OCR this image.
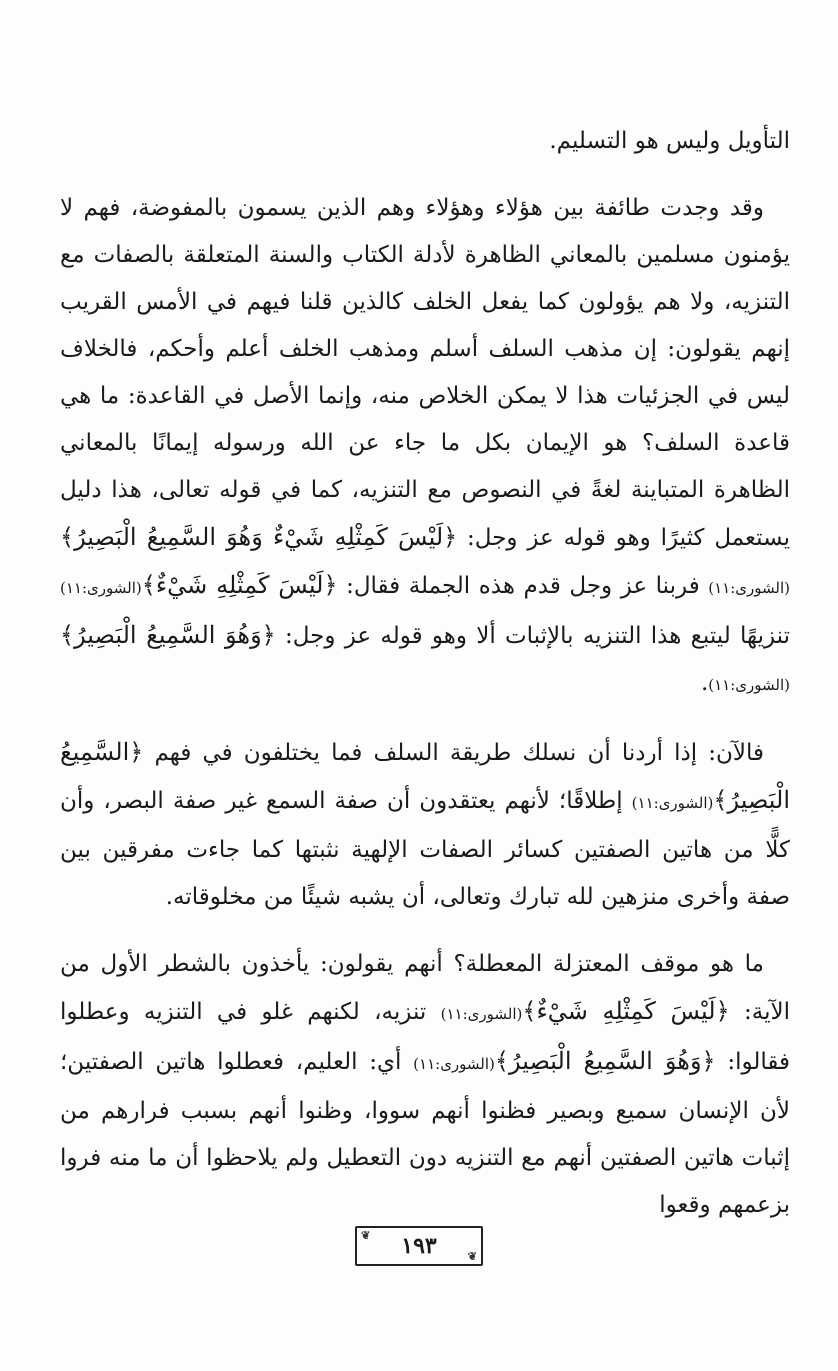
التأويل وليس هو التسليم.

وقد وجدت طائفة بين هؤلاء وهؤلاء وهم الذين يسمون بالمفوضة، فهم لا يؤمنون مسلمين بالمعاني الظاهرة لأدلة الكتاب والسنة المتعلقة بالصفات مع التنزيه، ولا هم يؤولون كما يفعل الخلف كالذين قلنا فيهم في الأمس القريب إنهم يقولون: إن مذهب السلف أسلم ومذهب الخلف أعلم وأحكم، فالخلاف ليس في الجزئيات هذا لا يمكن الخلاص منه، وإنما الأصل في القاعدة: ما هي قاعدة السلف؟ هو الإيمان بكل ما جاء عن الله ورسوله إيمانًا بالمعاني الظاهرة المتباينة لغةً في النصوص مع التنزيه، كما في قوله تعالى، هذا دليل يستعمل كثيرًا وهو قوله عز وجل: ﴿لَيْسَ كَمِثْلِهِ شَيْءٌ وَهُوَ السَّمِيعُ الْبَصِيرُ﴾(الشورى:١١) فربنا عز وجل قدم هذه الجملة فقال: ﴿لَيْسَ كَمِثْلِهِ شَيْءٌ﴾(الشورى:١١) تنزيهًا ليتبع هذا التنزيه بالإثبات ألا وهو قوله عز وجل: ﴿وَهُوَ السَّمِيعُ الْبَصِيرُ﴾(الشورى:١١).

فالآن: إذا أردنا أن نسلك طريقة السلف فما يختلفون في فهم ﴿السَّمِيعُ الْبَصِيرُ﴾(الشورى:١١) إطلاقًا؛ لأنهم يعتقدون أن صفة السمع غير صفة البصر، وأن كلًّا من هاتين الصفتين كسائر الصفات الإلهية نثبتها كما جاءت مفرقين بين صفة وأخرى منزهين لله تبارك وتعالى، أن يشبه شيئًا من مخلوقاته.

ما هو موقف المعتزلة المعطلة؟ أنهم يقولون: يأخذون بالشطر الأول من الآية: ﴿لَيْسَ كَمِثْلِهِ شَيْءٌ﴾(الشورى:١١) تنزيه، لكنهم غلو في التنزيه وعطلوا فقالوا: ﴿وَهُوَ السَّمِيعُ الْبَصِيرُ﴾(الشورى:١١) أي: العليم، فعطلوا هاتين الصفتين؛ لأن الإنسان سميع وبصير فظنوا أنهم سووا، وظنوا أنهم بسبب فرارهم من إثبات هاتين الصفتين أنهم مع التنزيه دون التعطيل ولم يلاحظوا أن ما منه فروا بزعمهم وقعوا

❦ ١٩٣	❦
